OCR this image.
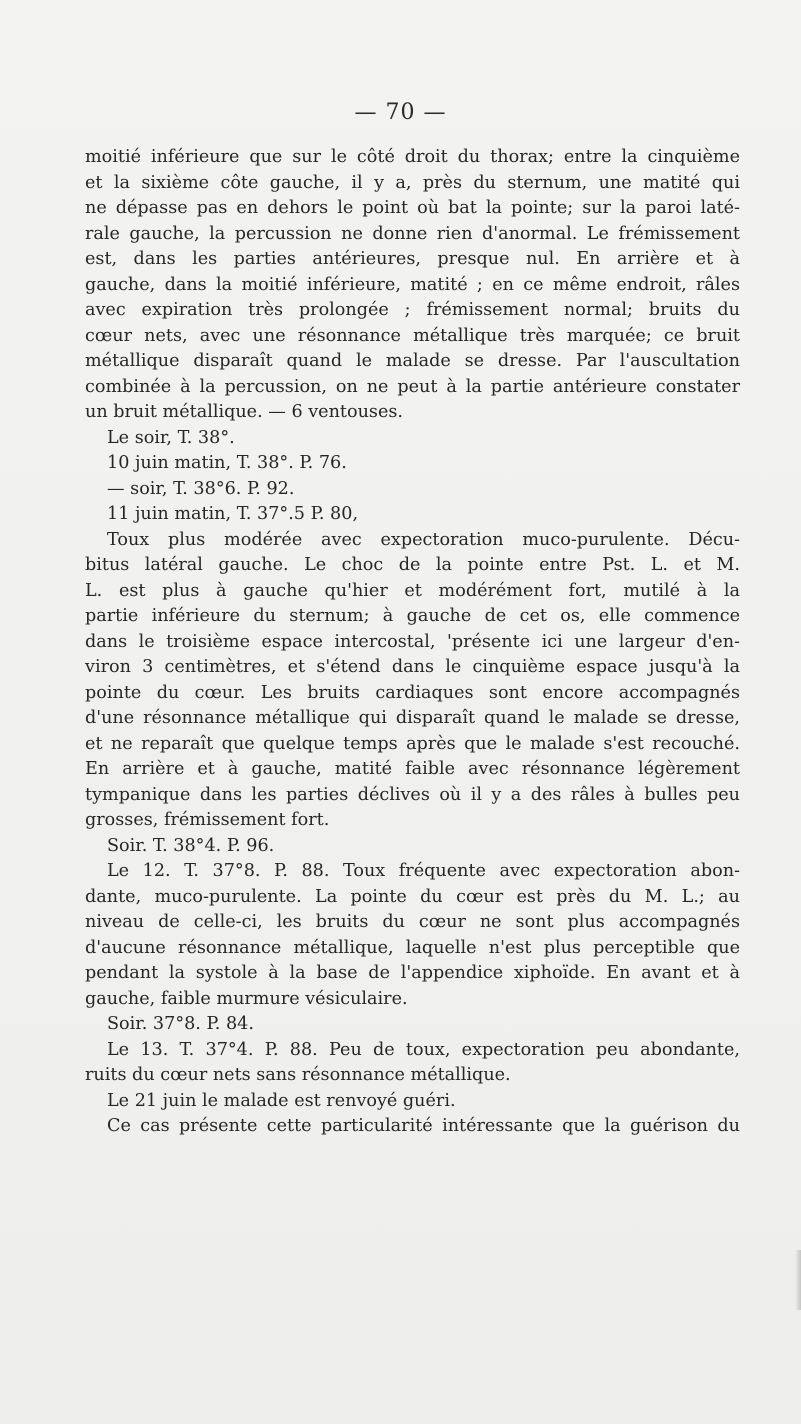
— 70 —
moitié inférieure que sur le côté droit du thorax; entre la cinquième
et la sixième côte gauche, il y a, près du sternum, une matité qui
ne dépasse pas en dehors le point où bat la pointe; sur la paroi laté-
rale gauche, la percussion ne donne rien d'anormal. Le frémissement
est, dans les parties antérieures, presque nul. En arrière et à
gauche, dans la moitié inférieure, matité ; en ce même endroit, râles
avec expiration très prolongée ; frémissement normal; bruits du
cœur nets, avec une résonnance métallique très marquée; ce bruit
métallique disparaît quand le malade se dresse. Par l'auscultation
combinée à la percussion, on ne peut à la partie antérieure constater
un bruit métallique. — 6 ventouses.
Le soir, T. 38°.
10 juin matin, T. 38°. P. 76.
— soir, T. 38°6. P. 92.
11 juin matin, T. 37°.5 P. 80,
Toux plus modérée avec expectoration muco-purulente. Décu-
bitus latéral gauche. Le choc de la pointe entre Pst. L. et M.
L. est plus à gauche qu'hier et modérément fort, mutilé à la
partie inférieure du sternum; à gauche de cet os, elle commence
dans le troisième espace intercostal, 'présente ici une largeur d'en-
viron 3 centimètres, et s'étend dans le cinquième espace jusqu'à la
pointe du cœur. Les bruits cardiaques sont encore accompagnés
d'une résonnance métallique qui disparaît quand le malade se dresse,
et ne reparaît que quelque temps après que le malade s'est recouché.
En arrière et à gauche, matité faible avec résonnance légèrement
tympanique dans les parties déclives où il y a des râles à bulles peu
grosses, frémissement fort.
Soir. T. 38°4. P. 96.
Le 12. T. 37°8. P. 88. Toux fréquente avec expectoration abon-
dante, muco-purulente. La pointe du cœur est près du M. L.; au
niveau de celle-ci, les bruits du cœur ne sont plus accompagnés
d'aucune résonnance métallique, laquelle n'est plus perceptible que
pendant la systole à la base de l'appendice xiphoïde. En avant et à
gauche, faible murmure vésiculaire.
Soir. 37°8. P. 84.
Le 13. T. 37°4. P. 88. Peu de toux, expectoration peu abondante,
ruits du cœur nets sans résonnance métallique.
Le 21 juin le malade est renvoyé guéri.
Ce cas présente cette particularité intéressante que la guérison du
